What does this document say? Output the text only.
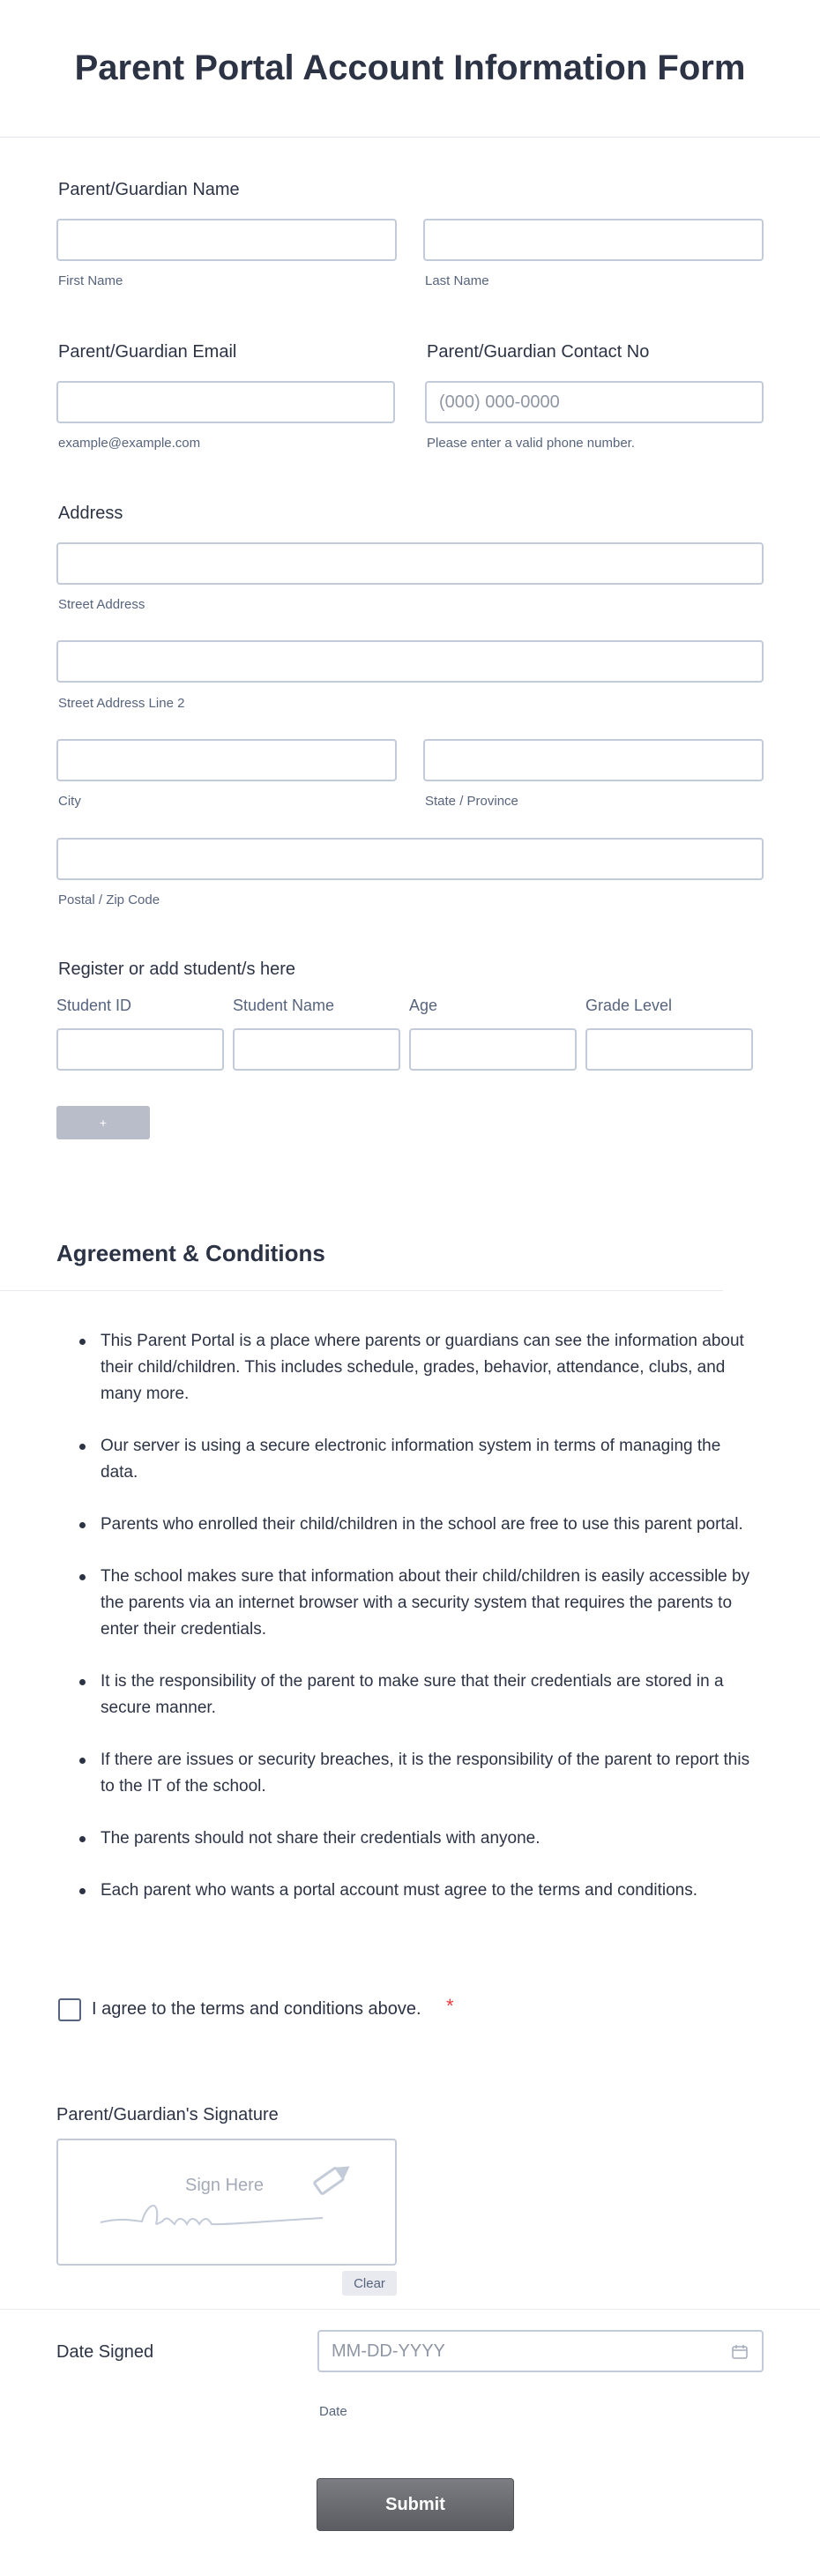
Parent Portal Account Information Form
Parent/Guardian Name
First Name	Last Name
Parent/Guardian Email
example@example.com
Parent/Guardian Contact No
(000) 000-0000
Please enter a valid phone number.
Address
Street Address
Street Address Line 2
City	State / Province
Postal / Zip Code
Register or add student/s here
Student ID	Student Name	Age	Grade Level
+
Agreement & Conditions
This Parent Portal is a place where parents or guardians can see the information about their child/children. This includes schedule, grades, behavior, attendance, clubs, and many more.
Our server is using a secure electronic information system in terms of managing the data.
Parents who enrolled their child/children in the school are free to use this parent portal.
The school makes sure that information about their child/children is easily accessible by the parents via an internet browser with a security system that requires the parents to enter their credentials.
It is the responsibility of the parent to make sure that their credentials are stored in a secure manner.
If there are issues or security breaches, it is the responsibility of the parent to report this to the IT of the school.
The parents should not share their credentials with anyone.
Each parent who wants a portal account must agree to the terms and conditions.
I agree to the terms and conditions above. *
Parent/Guardian's Signature
Sign Here
Clear
Date Signed
MM-DD-YYYY
Date
Submit
